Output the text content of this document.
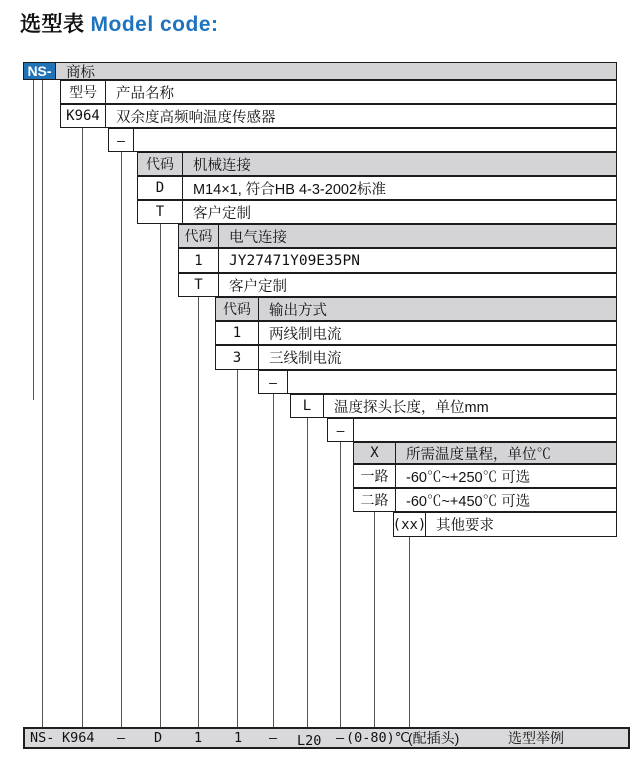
选型表 Model code:
NS- 商标
型号	产品名称
K964	双余度高频响温度传感器
–
代码	机械连接
D	M14×1, 符合HB 4-3-2002标准
T	客户定制
代码	电气连接
1	JY27471Y09E35PN
T	客户定制
代码	输出方式
1	两线制电流
3	三线制电流
–
L	温度探头长度，单位mm
–
X	所需温度量程，单位℃
一路	-60℃~+250℃ 可选
二路	-60℃~+450℃ 可选
(xx) 其他要求
NS- K964 – D 1 1 – L20 – (0-80)℃
(配插头)	选型举例
